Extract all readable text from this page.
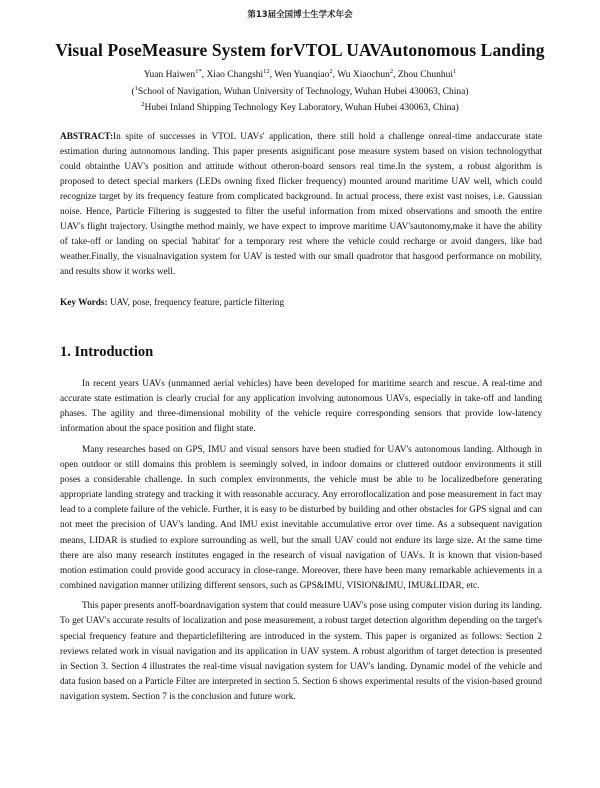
第13届全国博士生学术年会
Visual PoseMeasure System forVTOL UAVAutonomous Landing
Yuan Haiwen$^{1*}$, Xiao Changshi$^{12}$, Wen Yuanqiao$^2$, Wu Xiaochun$^2$, Zhou Chunhui$^1$
($^1$School of Navigation, Wuhan University of Technology, Wuhan Hubei 430063, China)
$^2$Hubei Inland Shipping Technology Key Laboratory, Wuhan Hubei 430063, China)
ABSTRACT:In spite of successes in VTOL UAVs' application, there still hold a challenge onreal-time andaccurate state estimation during autonomous landing. This paper presents asignificant pose measure system based on vision technologythat could obtainthe UAV's position and attitude without otheron-board sensors real time.In the system, a robust algorithm is proposed to detect special markers (LEDs owning fixed flicker frequency) mounted around maritime UAV well, which could recognize target by its frequency feature from complicated background. In actual process, there exist vast noises, i.e. Gaussian noise. Hence, Particle Filtering is suggested to filter the useful information from mixed observations and smooth the entire UAV's flight trajectory. Usingthe method mainly, we have expect to improve maritime UAV'sautonomy,make it have the ability of take-off or landing on special 'habitat' for a temporary rest where the vehicle could recharge or avoid dangers, like bad weather.Finally, the visualnavigation system for UAV is tested with our small quadrotor that hasgood performance on mobility, and results show it works well.
Key Words: UAV, pose, frequency feature, particle filtering
1. Introduction

In recent years UAVs (unmanned aerial vehicles) have been developed for maritime search and rescue. A real-time and accurate state estimation is clearly crucial for any application involving autonomous UAVs, especially in take-off and landing phases. The agility and three-dimensional mobility of the vehicle require corresponding sensors that provide low-latency information about the space position and flight state.

Many researches based on GPS, IMU and visual sensors have been studied for UAV's autonomous landing. Although in open outdoor or still domains this problem is seemingly solved, in indoor domains or cluttered outdoor environments it still poses a considerable challenge. In such complex environments, the vehicle must be able to be localizedbefore generating appropriate landing strategy and tracking it with reasonable accuracy. Any erroroflocalization and pose measurement in fact may lead to a complete failure of the vehicle. Further, it is easy to be disturbed by building and other obstacles for GPS signal and can not meet the precision of UAV's landing. And IMU exist inevitable accumulative error over time. As a subsequent navigation means, LIDAR is studied to explore surrounding as well, but the small UAV could not endure its large size. At the same time there are also many research institutes engaged in the research of visual navigation of UAVs. It is known that vision-based motion estimation could provide good accuracy in close-range. Moreover, there have been many remarkable achievements in a combined navigation manner utilizing different sensors, such as GPS&IMU, VISION&IMU, IMU&LIDAR, etc.

This paper presents anoff-boardnavigation system that could measure UAV's pose using computer vision during its landing. To get UAV's accurate results of localization and pose measurement, a robust target detection algorithm depending on the target's special frequency feature and theparticlefiltering are introduced in the system. This paper is organized as follows: Section 2 reviews related work in visual navigation and its application in UAV system. A robust algorithm of target detection is presented in Section 3. Section 4 illustrates the real-time visual navigation system for UAV's landing. Dynamic model of the vehicle and data fusion based on a Particle Filter are interpreted in section 5. Section 6 shows experimental results of the vision-based ground navigation system. Section 7 is the conclusion and future work.
